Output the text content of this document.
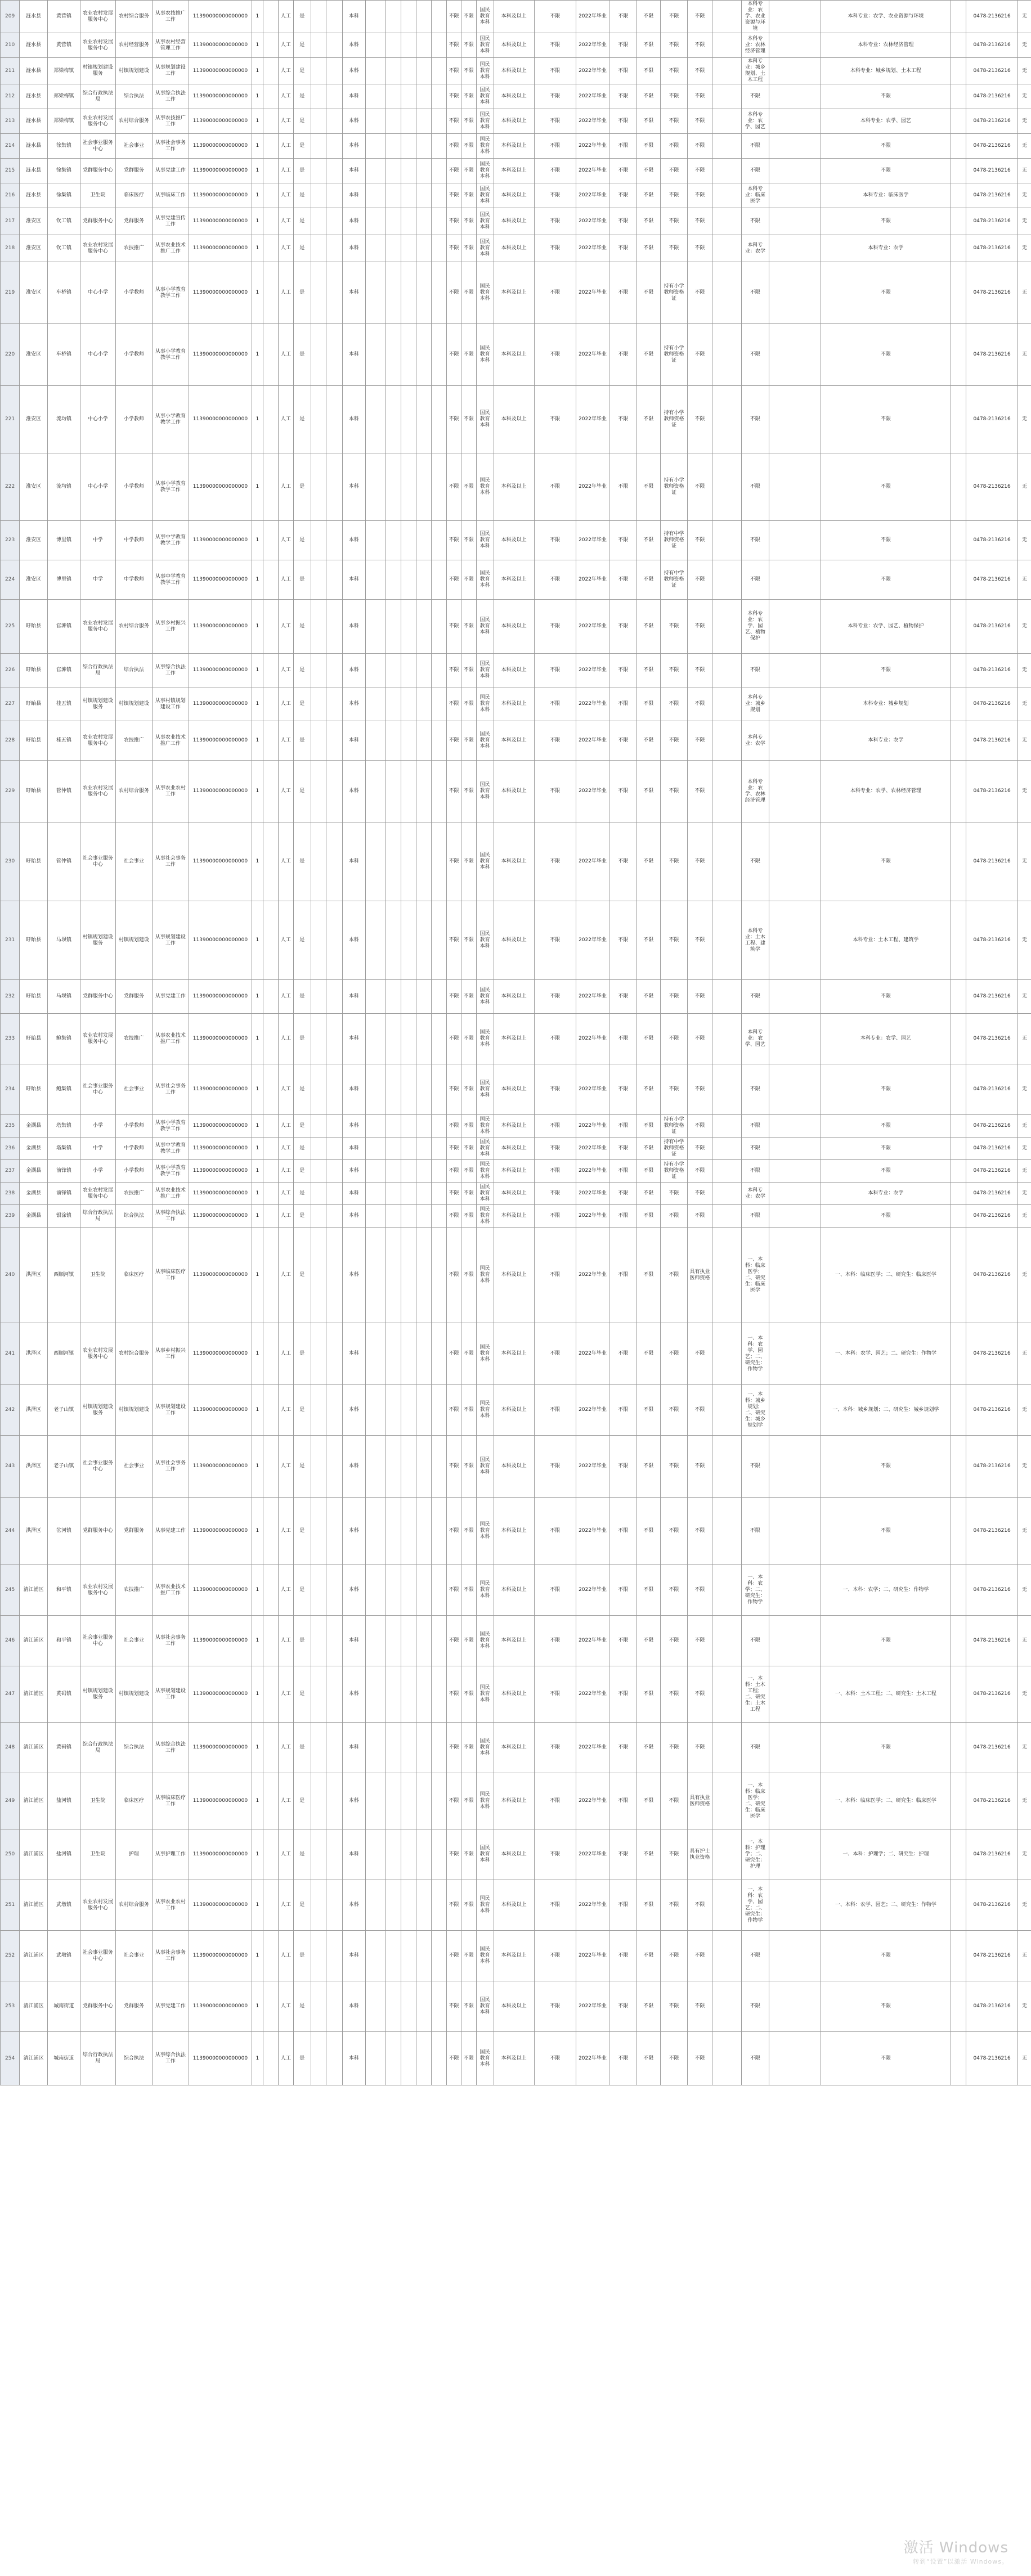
209	涟水县	黄营镇	农业农村发展服务中心	农村综合服务	从事农技推广工作	11390000000000000	1		人工	是			本科						不限	不限	国民教育本科	本科及以上	不限	2022年毕业	不限	不限	不限	不限		本科专业：农学、农业资源与环境		本科专业：农学、农业资源与环境		0478-2136216	无
210	涟水县	黄营镇	农业农村发展服务中心	农村经营服务	从事农村经营管理工作	11390000000000000	1		人工	是			本科						不限	不限	国民教育本科	本科及以上	不限	2022年毕业	不限	不限	不限	不限		本科专业：农林经济管理		本科专业：农林经济管理		0478-2136216	无
211	涟水县	郑梁梅镇	村镇规划建设服务	村镇规划建设	从事规划建设工作	11390000000000000	1		人工	是			本科						不限	不限	国民教育本科	本科及以上	不限	2022年毕业	不限	不限	不限	不限		本科专业：城乡规划、土木工程		本科专业：城乡规划、土木工程		0478-2136216	无
212	涟水县	郑梁梅镇	综合行政执法局	综合执法	从事综合执法工作	11390000000000000	1		人工	是			本科						不限	不限	国民教育本科	本科及以上	不限	2022年毕业	不限	不限	不限	不限		不限		不限		0478-2136216	无
213	涟水县	郑梁梅镇	农业农村发展服务中心	农村综合服务	从事农技推广工作	11390000000000000	1		人工	是			本科						不限	不限	国民教育本科	本科及以上	不限	2022年毕业	不限	不限	不限	不限		本科专业：农学、园艺		本科专业：农学、园艺		0478-2136216	无
214	涟水县	徐集镇	社会事业服务中心	社会事业	从事社会事务工作	11390000000000000	1		人工	是			本科						不限	不限	国民教育本科	本科及以上	不限	2022年毕业	不限	不限	不限	不限		不限		不限		0478-2136216	无
215	涟水县	徐集镇	党群服务中心	党群服务	从事党建工作	11390000000000000	1		人工	是			本科						不限	不限	国民教育本科	本科及以上	不限	2022年毕业	不限	不限	不限	不限		不限		不限		0478-2136216	无
216	涟水县	徐集镇	卫生院	临床医疗	从事临床工作	11390000000000000	1		人工	是			本科						不限	不限	国民教育本科	本科及以上	不限	2022年毕业	不限	不限	不限	不限		本科专业：临床医学		本科专业：临床医学		0478-2136216	无
217	淮安区	钦工镇	党群服务中心	党群服务	从事党建宣传工作	11390000000000000	1		人工	是			本科						不限	不限	国民教育本科	本科及以上	不限	2022年毕业	不限	不限	不限	不限		不限		不限		0478-2136216	无
218	淮安区	钦工镇	农业农村发展服务中心	农技推广	从事农业技术推广工作	11390000000000000	1		人工	是			本科						不限	不限	国民教育本科	本科及以上	不限	2022年毕业	不限	不限	不限	不限		本科专业：农学		本科专业：农学		0478-2136216	无
219	淮安区	车桥镇	中心小学	小学教师	从事小学教育教学工作	11390000000000000	1		人工	是			本科						不限	不限	国民教育本科	本科及以上	不限	2022年毕业	不限	不限	持有小学教师资格证	不限		不限		不限		0478-2136216	无
220	淮安区	车桥镇	中心小学	小学教师	从事小学教育教学工作	11390000000000000	1		人工	是			本科						不限	不限	国民教育本科	本科及以上	不限	2022年毕业	不限	不限	持有小学教师资格证	不限		不限		不限		0478-2136216	无
221	淮安区	流均镇	中心小学	小学教师	从事小学教育教学工作	11390000000000000	1		人工	是			本科						不限	不限	国民教育本科	本科及以上	不限	2022年毕业	不限	不限	持有小学教师资格证	不限		不限		不限		0478-2136216	无
222	淮安区	流均镇	中心小学	小学教师	从事小学教育教学工作	11390000000000000	1		人工	是			本科						不限	不限	国民教育本科	本科及以上	不限	2022年毕业	不限	不限	持有小学教师资格证	不限		不限		不限		0478-2136216	无
223	淮安区	博里镇	中学	中学教师	从事中学教育教学工作	11390000000000000	1		人工	是			本科						不限	不限	国民教育本科	本科及以上	不限	2022年毕业	不限	不限	持有中学教师资格证	不限		不限		不限		0478-2136216	无
224	淮安区	博里镇	中学	中学教师	从事中学教育教学工作	11390000000000000	1		人工	是			本科						不限	不限	国民教育本科	本科及以上	不限	2022年毕业	不限	不限	持有中学教师资格证	不限		不限		不限		0478-2136216	无
225	盱眙县	官滩镇	农业农村发展服务中心	农村综合服务	从事乡村振兴工作	11390000000000000	1		人工	是			本科						不限	不限	国民教育本科	本科及以上	不限	2022年毕业	不限	不限	不限	不限		本科专业：农学、园艺、植物保护		本科专业：农学、园艺、植物保护		0478-2136216	无
226	盱眙县	官滩镇	综合行政执法局	综合执法	从事综合执法工作	11390000000000000	1		人工	是			本科						不限	不限	国民教育本科	本科及以上	不限	2022年毕业	不限	不限	不限	不限		不限		不限		0478-2136216	无
227	盱眙县	桂五镇	村镇规划建设服务	村镇规划建设	从事村镇规划建设工作	11390000000000000	1		人工	是			本科						不限	不限	国民教育本科	本科及以上	不限	2022年毕业	不限	不限	不限	不限		本科专业：城乡规划		本科专业：城乡规划		0478-2136216	无
228	盱眙县	桂五镇	农业农村发展服务中心	农技推广	从事农业技术推广工作	11390000000000000	1		人工	是			本科						不限	不限	国民教育本科	本科及以上	不限	2022年毕业	不限	不限	不限	不限		本科专业：农学		本科专业：农学		0478-2136216	无
229	盱眙县	管仲镇	农业农村发展服务中心	农村综合服务	从事农业农村工作	11390000000000000	1		人工	是			本科						不限	不限	国民教育本科	本科及以上	不限	2022年毕业	不限	不限	不限	不限		本科专业：农学、农林经济管理		本科专业：农学、农林经济管理		0478-2136216	无
230	盱眙县	管仲镇	社会事业服务中心	社会事业	从事社会事务工作	11390000000000000	1		人工	是			本科						不限	不限	国民教育本科	本科及以上	不限	2022年毕业	不限	不限	不限	不限		不限		不限		0478-2136216	无
231	盱眙县	马坝镇	村镇规划建设服务	村镇规划建设	从事规划建设工作	11390000000000000	1		人工	是			本科						不限	不限	国民教育本科	本科及以上	不限	2022年毕业	不限	不限	不限	不限		本科专业：土木工程、建筑学		本科专业：土木工程、建筑学		0478-2136216	无
232	盱眙县	马坝镇	党群服务中心	党群服务	从事党建工作	11390000000000000	1		人工	是			本科						不限	不限	国民教育本科	本科及以上	不限	2022年毕业	不限	不限	不限	不限		不限		不限		0478-2136216	无
233	盱眙县	鲍集镇	农业农村发展服务中心	农技推广	从事农业技术推广工作	11390000000000000	1		人工	是			本科						不限	不限	国民教育本科	本科及以上	不限	2022年毕业	不限	不限	不限	不限		本科专业：农学、园艺		本科专业：农学、园艺		0478-2136216	无
234	盱眙县	鲍集镇	社会事业服务中心	社会事业	从事社会事务工作	11390000000000000	1		人工	是			本科						不限	不限	国民教育本科	本科及以上	不限	2022年毕业	不限	不限	不限	不限		不限		不限		0478-2136216	无
235	金湖县	塔集镇	小学	小学教师	从事小学教育教学工作	11390000000000000	1		人工	是			本科						不限	不限	国民教育本科	本科及以上	不限	2022年毕业	不限	不限	持有小学教师资格证	不限		不限		不限		0478-2136216	无
236	金湖县	塔集镇	中学	中学教师	从事中学教育教学工作	11390000000000000	1		人工	是			本科						不限	不限	国民教育本科	本科及以上	不限	2022年毕业	不限	不限	持有中学教师资格证	不限		不限		不限		0478-2136216	无
237	金湖县	前锋镇	小学	小学教师	从事小学教育教学工作	11390000000000000	1		人工	是			本科						不限	不限	国民教育本科	本科及以上	不限	2022年毕业	不限	不限	持有小学教师资格证	不限		不限		不限		0478-2136216	无
238	金湖县	前锋镇	农业农村发展服务中心	农技推广	从事农业技术推广工作	11390000000000000	1		人工	是			本科						不限	不限	国民教育本科	本科及以上	不限	2022年毕业	不限	不限	不限	不限		本科专业：农学		本科专业：农学		0478-2136216	无
239	金湖县	银涂镇	综合行政执法局	综合执法	从事综合执法工作	11390000000000000	1		人工	是			本科						不限	不限	国民教育本科	本科及以上	不限	2022年毕业	不限	不限	不限	不限		不限		不限		0478-2136216	无
240	洪泽区	西顺河镇	卫生院	临床医疗	从事临床医疗工作	11390000000000000	1		人工	是			本科						不限	不限	国民教育本科	本科及以上	不限	2022年毕业	不限	不限	不限	具有执业医师资格		一、本科：临床医学；二、研究生：临床医学		一、本科：临床医学；二、研究生：临床医学		0478-2136216	无
241	洪泽区	西顺河镇	农业农村发展服务中心	农村综合服务	从事乡村振兴工作	11390000000000000	1		人工	是			本科						不限	不限	国民教育本科	本科及以上	不限	2022年毕业	不限	不限	不限	不限		一、本科：农学、园艺；二、研究生：作物学		一、本科：农学、园艺；二、研究生：作物学		0478-2136216	无
242	洪泽区	老子山镇	村镇规划建设服务	村镇规划建设	从事规划建设工作	11390000000000000	1		人工	是			本科						不限	不限	国民教育本科	本科及以上	不限	2022年毕业	不限	不限	不限	不限		一、本科：城乡规划；二、研究生：城乡规划学		一、本科：城乡规划；二、研究生：城乡规划学		0478-2136216	无
243	洪泽区	老子山镇	社会事业服务中心	社会事业	从事社会事务工作	11390000000000000	1		人工	是			本科						不限	不限	国民教育本科	本科及以上	不限	2022年毕业	不限	不限	不限	不限		不限		不限		0478-2136216	无
244	洪泽区	岔河镇	党群服务中心	党群服务	从事党建工作	11390000000000000	1		人工	是			本科						不限	不限	国民教育本科	本科及以上	不限	2022年毕业	不限	不限	不限	不限		不限		不限		0478-2136216	无
245	清江浦区	和平镇	农业农村发展服务中心	农技推广	从事农业技术推广工作	11390000000000000	1		人工	是			本科						不限	不限	国民教育本科	本科及以上	不限	2022年毕业	不限	不限	不限	不限		一、本科：农学；二、研究生：作物学		一、本科：农学；二、研究生：作物学		0478-2136216	无
246	清江浦区	和平镇	社会事业服务中心	社会事业	从事社会事务工作	11390000000000000	1		人工	是			本科						不限	不限	国民教育本科	本科及以上	不限	2022年毕业	不限	不限	不限	不限		不限		不限		0478-2136216	无
247	清江浦区	黄码镇	村镇规划建设服务	村镇规划建设	从事规划建设工作	11390000000000000	1		人工	是			本科						不限	不限	国民教育本科	本科及以上	不限	2022年毕业	不限	不限	不限	不限		一、本科：土木工程；二、研究生：土木工程		一、本科：土木工程；二、研究生：土木工程		0478-2136216	无
248	清江浦区	黄码镇	综合行政执法局	综合执法	从事综合执法工作	11390000000000000	1		人工	是			本科						不限	不限	国民教育本科	本科及以上	不限	2022年毕业	不限	不限	不限	不限		不限		不限		0478-2136216	无
249	清江浦区	盐河镇	卫生院	临床医疗	从事临床医疗工作	11390000000000000	1		人工	是			本科						不限	不限	国民教育本科	本科及以上	不限	2022年毕业	不限	不限	不限	具有执业医师资格		一、本科：临床医学；二、研究生：临床医学		一、本科：临床医学；二、研究生：临床医学		0478-2136216	无
250	清江浦区	盐河镇	卫生院	护理	从事护理工作	11390000000000000	1		人工	是			本科						不限	不限	国民教育本科	本科及以上	不限	2022年毕业	不限	不限	不限	具有护士执业资格		一、本科：护理学；二、研究生：护理		一、本科：护理学；二、研究生：护理		0478-2136216	无
251	清江浦区	武墩镇	农业农村发展服务中心	农村综合服务	从事农业农村工作	11390000000000000	1		人工	是			本科						不限	不限	国民教育本科	本科及以上	不限	2022年毕业	不限	不限	不限	不限		一、本科：农学、园艺；二、研究生：作物学		一、本科：农学、园艺；二、研究生：作物学		0478-2136216	无
252	清江浦区	武墩镇	社会事业服务中心	社会事业	从事社会事务工作	11390000000000000	1		人工	是			本科						不限	不限	国民教育本科	本科及以上	不限	2022年毕业	不限	不限	不限	不限		不限		不限		0478-2136216	无
253	清江浦区	城南街道	党群服务中心	党群服务	从事党建工作	11390000000000000	1		人工	是			本科						不限	不限	国民教育本科	本科及以上	不限	2022年毕业	不限	不限	不限	不限		不限		不限		0478-2136216	无
254	清江浦区	城南街道	综合行政执法局	综合执法	从事综合执法工作	11390000000000000	1		人工	是			本科						不限	不限	国民教育本科	本科及以上	不限	2022年毕业	不限	不限	不限	不限		不限		不限		0478-2136216	无
激活 Windows
转到“设置”以激活 Windows。
